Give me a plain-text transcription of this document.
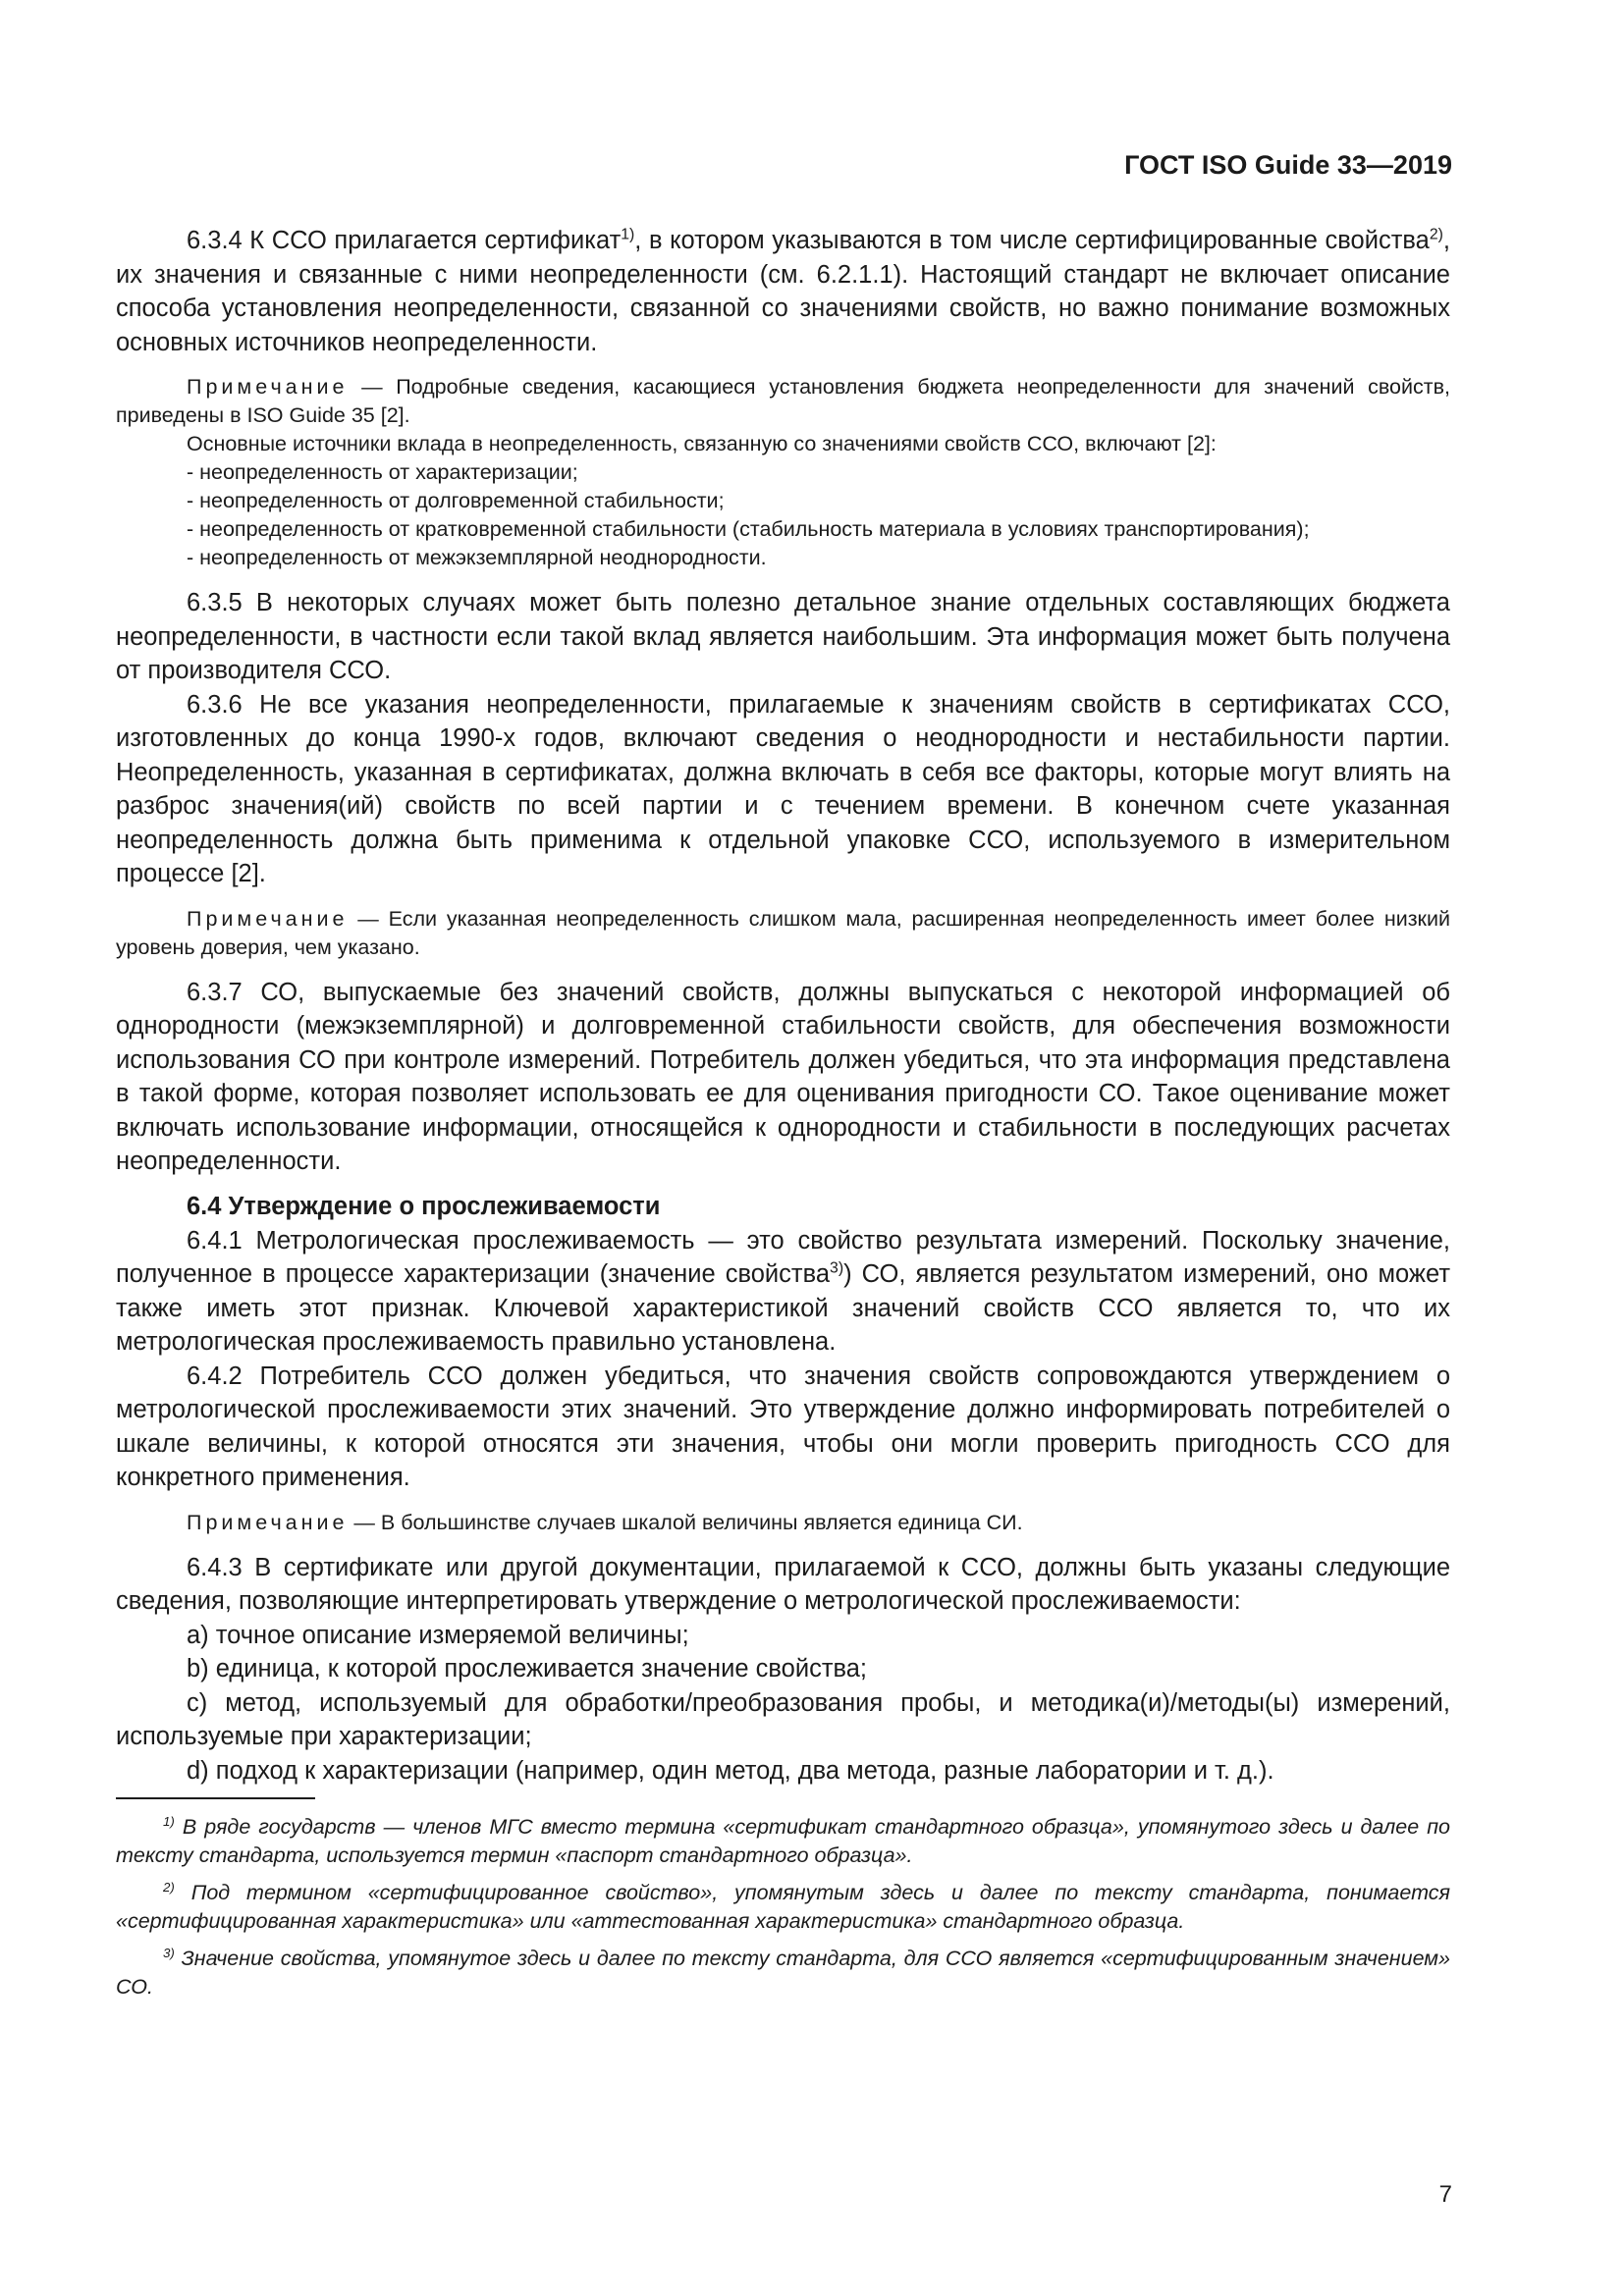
ГОСТ ISO Guide 33—2019

6.3.4 К ССО прилагается сертификат$^{1)}$, в котором указываются в том числе сертифицированные свойства$^{2)}$, их значения и связанные с ними неопределенности (см. 6.2.1.1). Настоящий стандарт не включает описание способа установления неопределенности, связанной со значениями свойств, но важно понимание возможных основных источников неопределенности.

Примечание — Подробные сведения, касающиеся установления бюджета неопределенности для значений свойств, приведены в ISO Guide 35 [2].

Основные источники вклада в неопределенность, связанную со значениями свойств ССО, включают [2]:

- неопределенность от характеризации;

- неопределенность от долговременной стабильности;

- неопределенность от кратковременной стабильности (стабильность материала в условиях транспортирования);

- неопределенность от межэкземплярной неоднородности.

6.3.5 В некоторых случаях может быть полезно детальное знание отдельных составляющих бюджета неопределенности, в частности если такой вклад является наибольшим. Эта информация может быть получена от производителя ССО.

6.3.6 Не все указания неопределенности, прилагаемые к значениям свойств в сертификатах ССО, изготовленных до конца 1990-х годов, включают сведения о неоднородности и нестабильности партии. Неопределенность, указанная в сертификатах, должна включать в себя все факторы, которые могут влиять на разброс значения(ий) свойств по всей партии и с течением времени. В конечном счете указанная неопределенность должна быть применима к отдельной упаковке ССО, используемого в измерительном процессе [2].

Примечание — Если указанная неопределенность слишком мала, расширенная неопределенность имеет более низкий уровень доверия, чем указано.

6.3.7 СО, выпускаемые без значений свойств, должны выпускаться с некоторой информацией об однородности (межэкземплярной) и долговременной стабильности свойств, для обеспечения возможности использования СО при контроле измерений. Потребитель должен убедиться, что эта информация представлена в такой форме, которая позволяет использовать ее для оценивания пригодности СО. Такое оценивание может включать использование информации, относящейся к однородности и стабильности в последующих расчетах неопределенности.

6.4 Утверждение о прослеживаемости

6.4.1 Метрологическая прослеживаемость — это свойство результата измерений. Поскольку значение, полученное в процессе характеризации (значение свойства$^{3)}$) СО, является результатом измерений, оно может также иметь этот признак. Ключевой характеристикой значений свойств ССО является то, что их метрологическая прослеживаемость правильно установлена.

6.4.2 Потребитель ССО должен убедиться, что значения свойств сопровождаются утверждением о метрологической прослеживаемости этих значений. Это утверждение должно информировать потребителей о шкале величины, к которой относятся эти значения, чтобы они могли проверить пригодность ССО для конкретного применения.

Примечание — В большинстве случаев шкалой величины является единица СИ.

6.4.3 В сертификате или другой документации, прилагаемой к ССО, должны быть указаны следующие сведения, позволяющие интерпретировать утверждение о метрологической прослеживаемости:

a) точное описание измеряемой величины;

b) единица, к которой прослеживается значение свойства;

c) метод, используемый для обработки/преобразования пробы, и методика(и)/методы(ы) измерений, используемые при характеризации;

d) подход к характеризации (например, один метод, два метода, разные лаборатории и т. д.).

$^{1)}$ В ряде государств — членов МГС вместо термина «сертификат стандартного образца», упомянутого здесь и далее по тексту стандарта, используется термин «паспорт стандартного образца».

$^{2)}$ Под термином «сертифицированное свойство», упомянутым здесь и далее по тексту стандарта, понимается «сертифицированная характеристика» или «аттестованная характеристика» стандартного образца.

$^{3)}$ Значение свойства, упомянутое здесь и далее по тексту стандарта, для ССО является «сертифицированным значением» СО.

7
